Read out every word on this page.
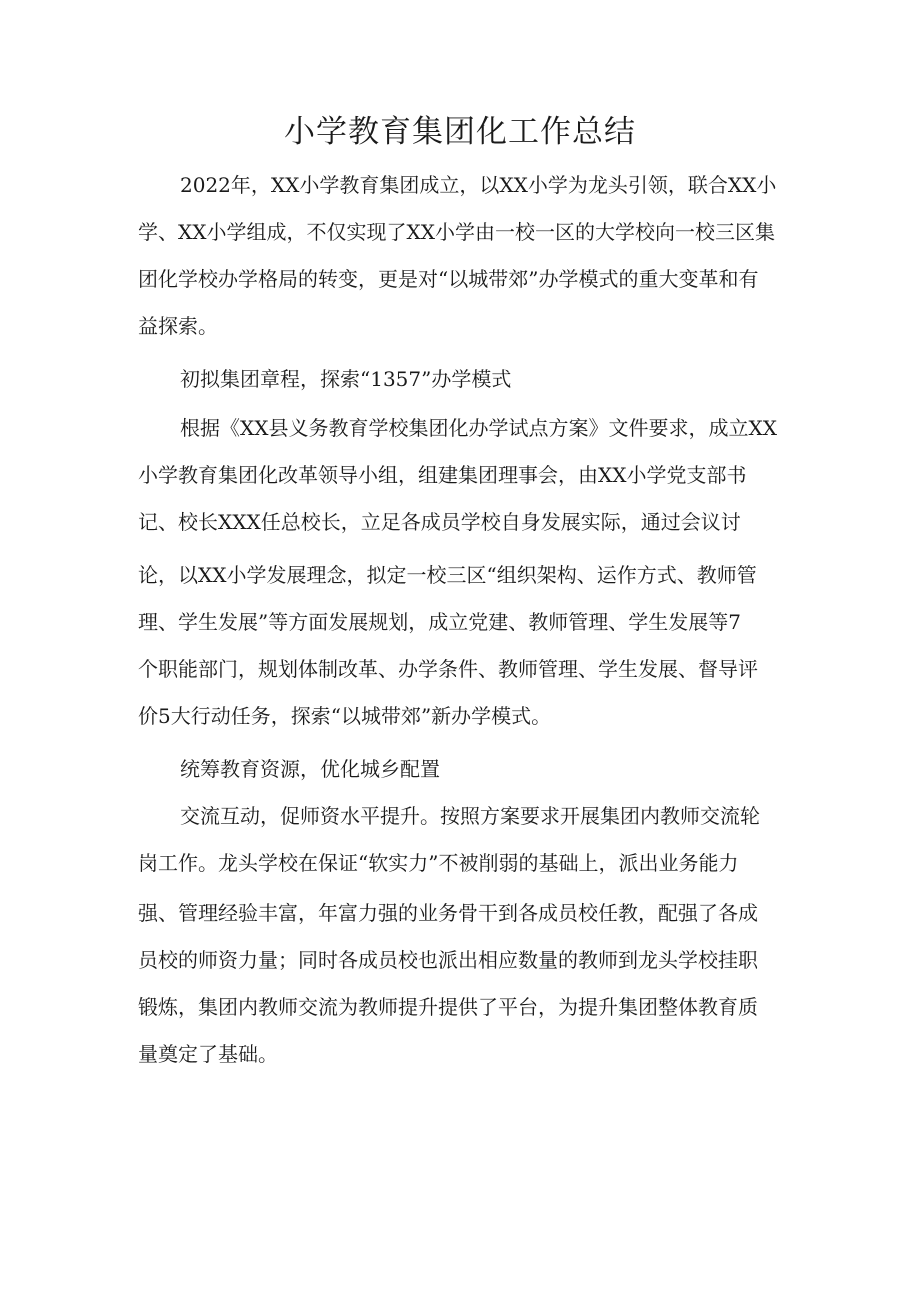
小学教育集团化工作总结

2022年，XX小学教育集团成立，以XX小学为龙头引领，联合XX小

学、XX小学组成，不仅实现了XX小学由一校一区的大学校向一校三区集

团化学校办学格局的转变，更是对“以城带郊”办学模式的重大变革和有

益探索。

初拟集团章程，探索“1357”办学模式

根据《XX县义务教育学校集团化办学试点方案》文件要求，成立XX

小学教育集团化改革领导小组，组建集团理事会，由XX小学党支部书

记、校长XXX任总校长，立足各成员学校自身发展实际，通过会议讨

论，以XX小学发展理念，拟定一校三区“组织架构、运作方式、教师管

理、学生发展”等方面发展规划，成立党建、教师管理、学生发展等7

个职能部门，规划体制改革、办学条件、教师管理、学生发展、督导评

价5大行动任务，探索“以城带郊”新办学模式。

统筹教育资源，优化城乡配置

交流互动，促师资水平提升。按照方案要求开展集团内教师交流轮

岗工作。龙头学校在保证“软实力”不被削弱的基础上，派出业务能力

强、管理经验丰富，年富力强的业务骨干到各成员校任教，配强了各成

员校的师资力量；同时各成员校也派出相应数量的教师到龙头学校挂职

锻炼，集团内教师交流为教师提升提供了平台，为提升集团整体教育质

量奠定了基础。
